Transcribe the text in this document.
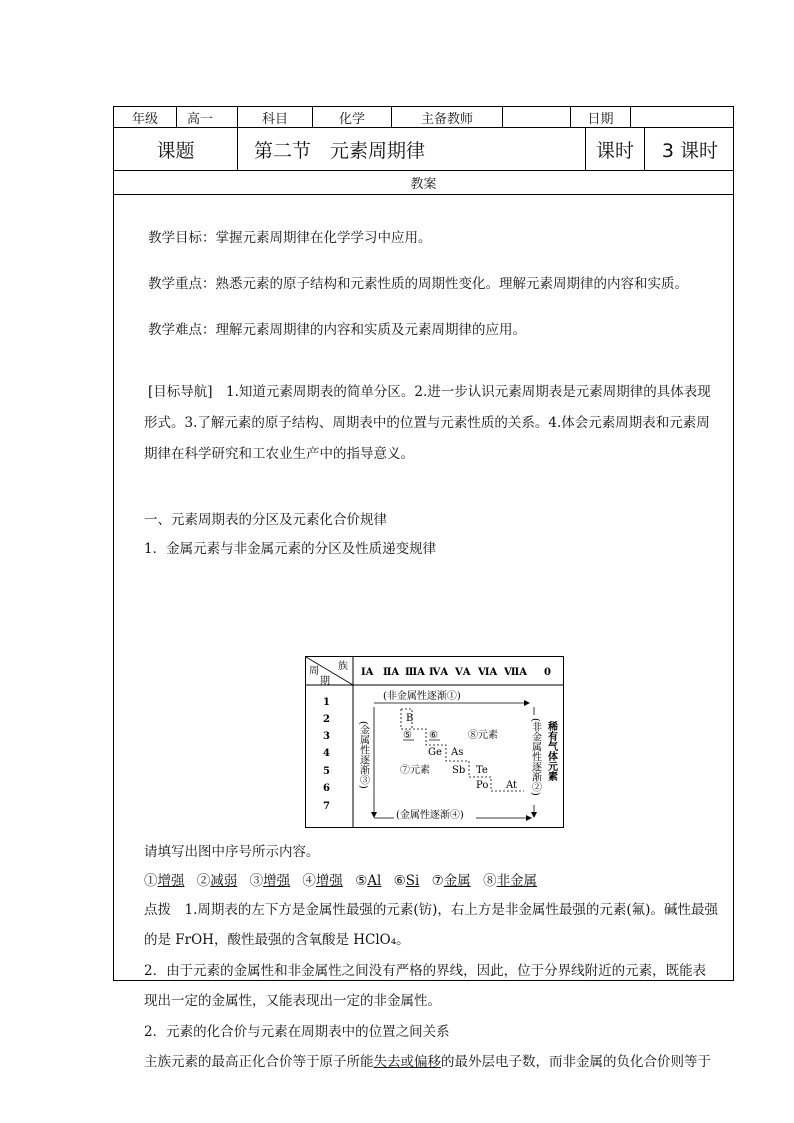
年级	高一	科目	化学	主备教师	日期
课题	第二节　元素周期律	课时	3 课时
教案
教学目标：掌握元素周期律在化学学习中应用。
教学重点：熟悉元素的原子结构和元素性质的周期性变化。理解元素周期律的内容和实质。
教学难点：理解元素周期律的内容和实质及元素周期律的应用。
[目标导航]　1.知道元素周期表的简单分区。2.进一步认识元素周期表是元素周期律的具体表现
形式。3.了解元素的原子结构、周期表中的位置与元素性质的关系。4.体会元素周期表和元素周
期律在科学研究和工农业生产中的指导意义。
一、元素周期表的分区及元素化合价规律
1．金属元素与非金属元素的分区及性质递变规律
族
周
期
ⅠA ⅡA ⅢA ⅣA ⅤA ⅥA ⅦA 0
1
2
3
4
5
6
7
(非金属性逐渐①)
(金属性逐渐④)
(金属性逐渐③)	(非金属性逐渐②) 稀有气体元素
B
⑤ ⑥	⑧元素
Ge As
⑦元素 Sb Te
Po At
请填写出图中序号所示内容。
①增强 ②减弱 ③增强 ④增强 ⑤Al ⑥Si ⑦金属 ⑧非金属
点拨　1.周期表的左下方是金属性最强的元素(钫)，右上方是非金属性最强的元素(氟)。碱性最强
的是 FrOH，酸性最强的含氧酸是 HClO₄。
2．由于元素的金属性和非金属性之间没有严格的界线，因此，位于分界线附近的元素，既能表
现出一定的金属性，又能表现出一定的非金属性。
2．元素的化合价与元素在周期表中的位置之间关系
主族元素的最高正化合价等于原子所能失去或偏移的最外层电子数，而非金属的负化合价则等于
